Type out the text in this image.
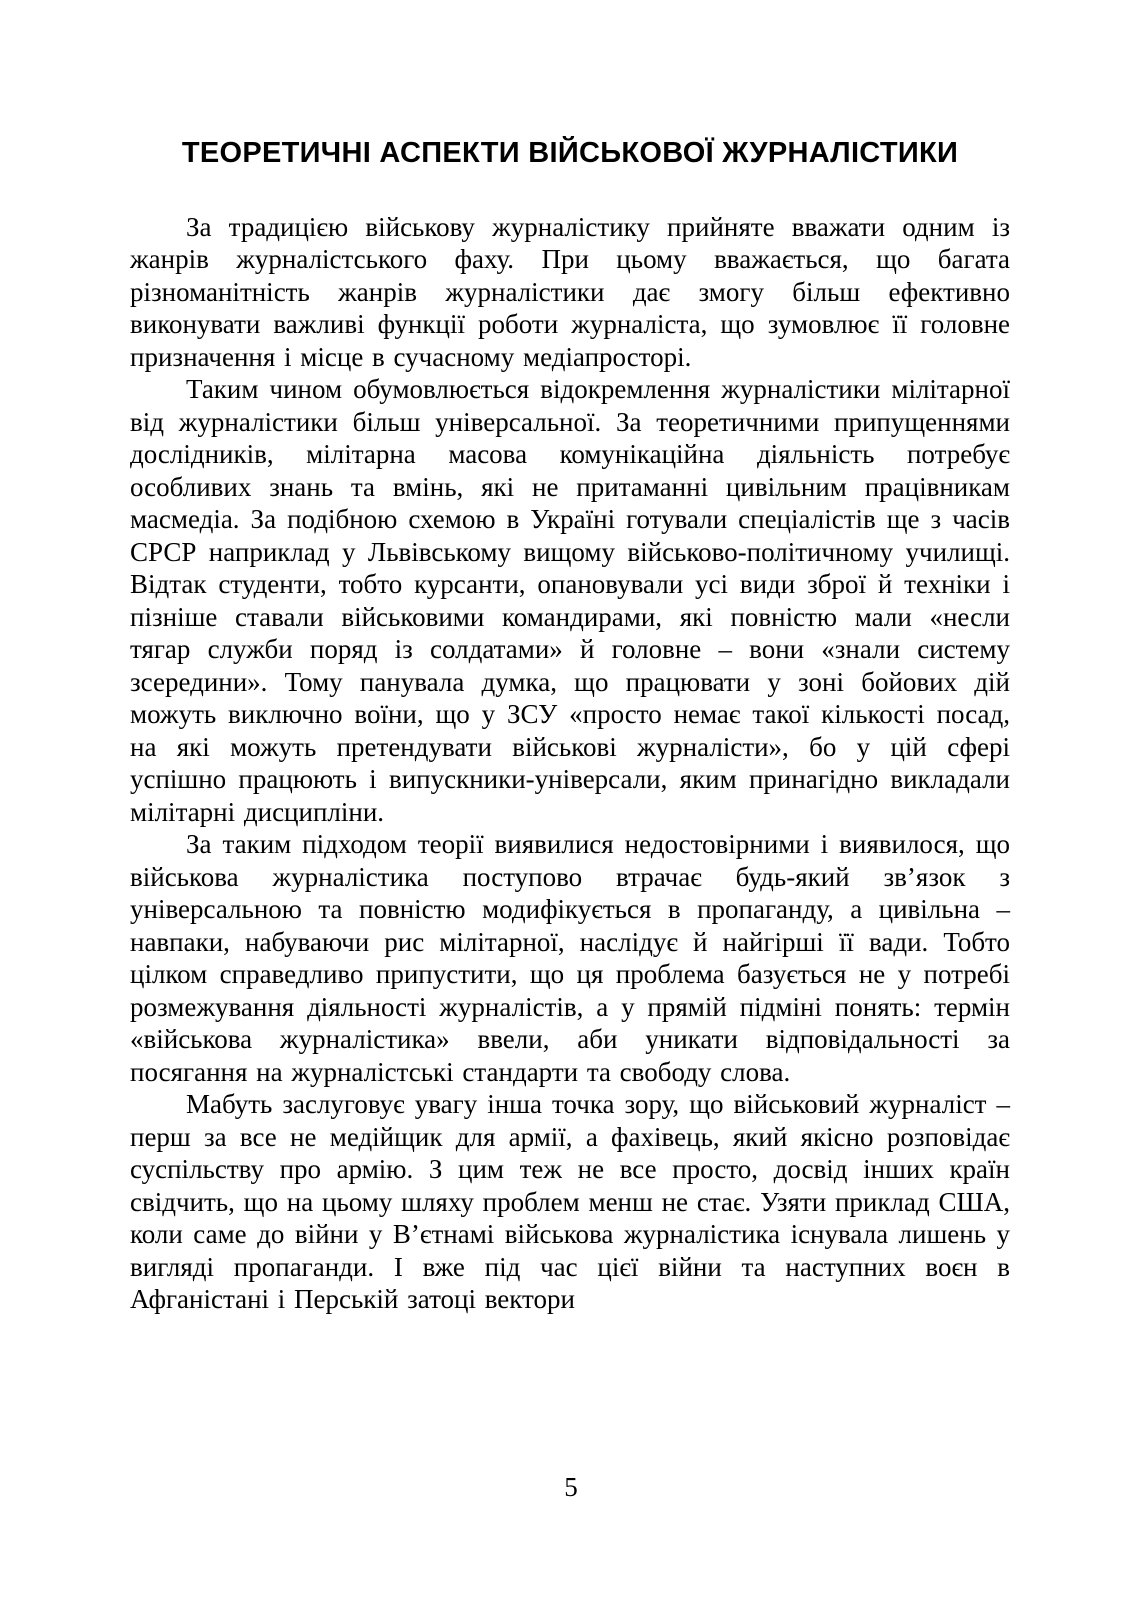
ТЕОРЕТИЧНІ АСПЕКТИ ВІЙСЬКОВОЇ ЖУРНАЛІСТИКИ

За традицією військову журналістику прийняте вважати одним із жанрів журналістського фаху. При цьому вважається, що багата різноманітність жанрів журналістики дає змогу більш ефективно виконувати важливі функції роботи журналіста, що зумовлює її головне призначення і місце в сучасному медіапросторі.

Таким чином обумовлюється відокремлення журналістики мілітарної від журналістики більш універсальної. За теоретичними припущеннями дослідників, мілітарна масова комунікаційна діяльність потребує особливих знань та вмінь, які не притаманні цивільним працівникам масмедіа. За подібною схемою в Україні готували спеціалістів ще з часів СРСР наприклад у Львівському вищому військово-політичному училищі. Відтак студенти, тобто курсанти, опановували усі види зброї й техніки і пізніше ставали військовими командирами, які повністю мали «несли тягар служби поряд із солдатами» й головне – вони «знали систему зсередини». Тому панувала думка, що працювати у зоні бойових дій можуть виключно воїни, що у ЗСУ «просто немає такої кількості посад, на які можуть претендувати військові журналісти», бо у цій сфері успішно працюють і випускники-універсали, яким принагідно викладали мілітарні дисципліни.

За таким підходом теорії виявилися недостовірними і виявилося, що військова журналістика поступово втрачає будь-який зв’язок з універсальною та повністю модифікується в пропаганду, а цивільна – навпаки, набуваючи рис мілітарної, наслідує й найгірші її вади. Тобто цілком справедливо припустити, що ця проблема базується не у потребі розмежування діяльності журналістів, а у прямій підміні понять: термін «військова журналістика» ввели, аби уникати відповідальності за посягання на журналістські стандарти та свободу слова.

Мабуть заслуговує увагу інша точка зору, що військовий журналіст – перш за все не медійщик для армії, а фахівець, який якісно розповідає суспільству про армію. З цим теж не все просто, досвід інших країн свідчить, що на цьому шляху проблем менш не стає. Узяти приклад США, коли саме до війни у В’єтнамі військова журналістика існувала лишень у вигляді пропаганди. І вже під час цієї війни та наступних воєн в Афганістані і Перській затоці вектори

5
